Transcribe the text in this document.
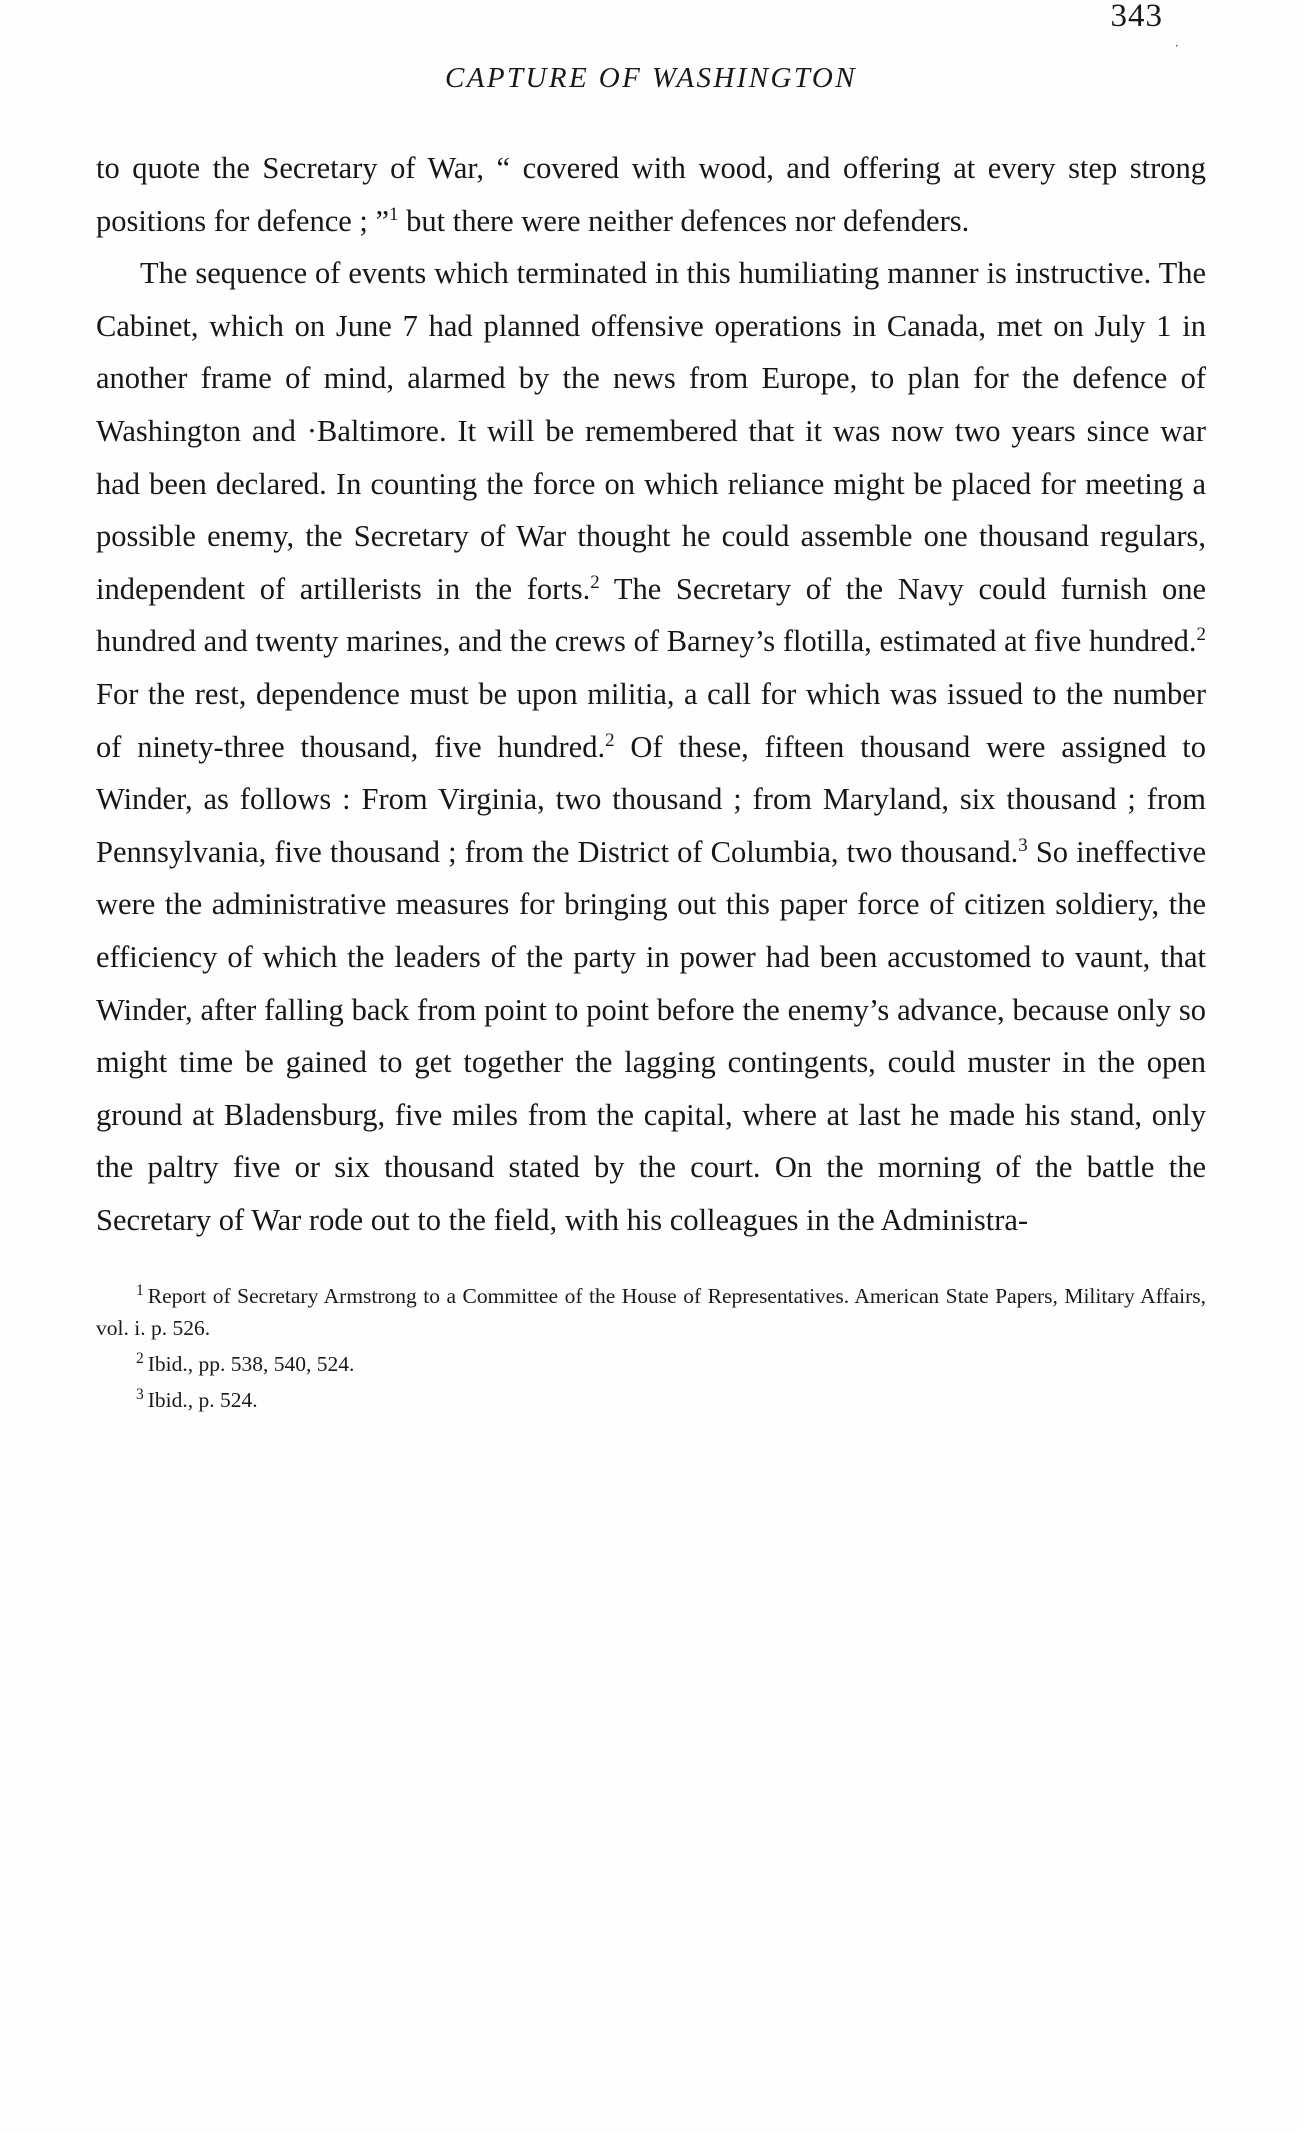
CAPTURE OF WASHINGTON
343
·

to quote the Secretary of War, “ covered with wood, and offering at every step strong positions for defence ; ”$^1$ but there were neither defences nor defenders.

The sequence of events which terminated in this humiliating manner is instructive. The Cabinet, which on June 7 had planned offensive operations in Canada, met on July 1 in another frame of mind, alarmed by the news from Europe, to plan for the defence of Washington and ·Baltimore. It will be remembered that it was now two years since war had been declared. In counting the force on which reliance might be placed for meeting a possible enemy, the Secretary of War thought he could assemble one thousand regulars, independent of artillerists in the forts.$^2$ The Secretary of the Navy could furnish one hundred and twenty marines, and the crews of Barney’s flotilla, estimated at five hundred.$^2$ For the rest, dependence must be upon militia, a call for which was issued to the number of ninety-three thousand, five hundred.$^2$ Of these, fifteen thousand were assigned to Winder, as follows : From Virginia, two thousand ; from Maryland, six thousand ; from Pennsylvania, five thousand ; from the District of Columbia, two thousand.$^3$ So ineffective were the administrative measures for bringing out this paper force of citizen soldiery, the efficiency of which the leaders of the party in power had been accustomed to vaunt, that Winder, after falling back from point to point before the enemy’s advance, because only so might time be gained to get together the lagging contingents, could muster in the open ground at Bladensburg, five miles from the capital, where at last he made his stand, only the paltry five or six thousand stated by the court. On the morning of the battle the Secretary of War rode out to the field, with his colleagues in the Administra-

$^1$ Report of Secretary Armstrong to a Committee of the House of Representatives. American State Papers, Military Affairs, vol. i. p. 526.

$^2$ Ibid., pp. 538, 540, 524.

$^3$ Ibid., p. 524.
